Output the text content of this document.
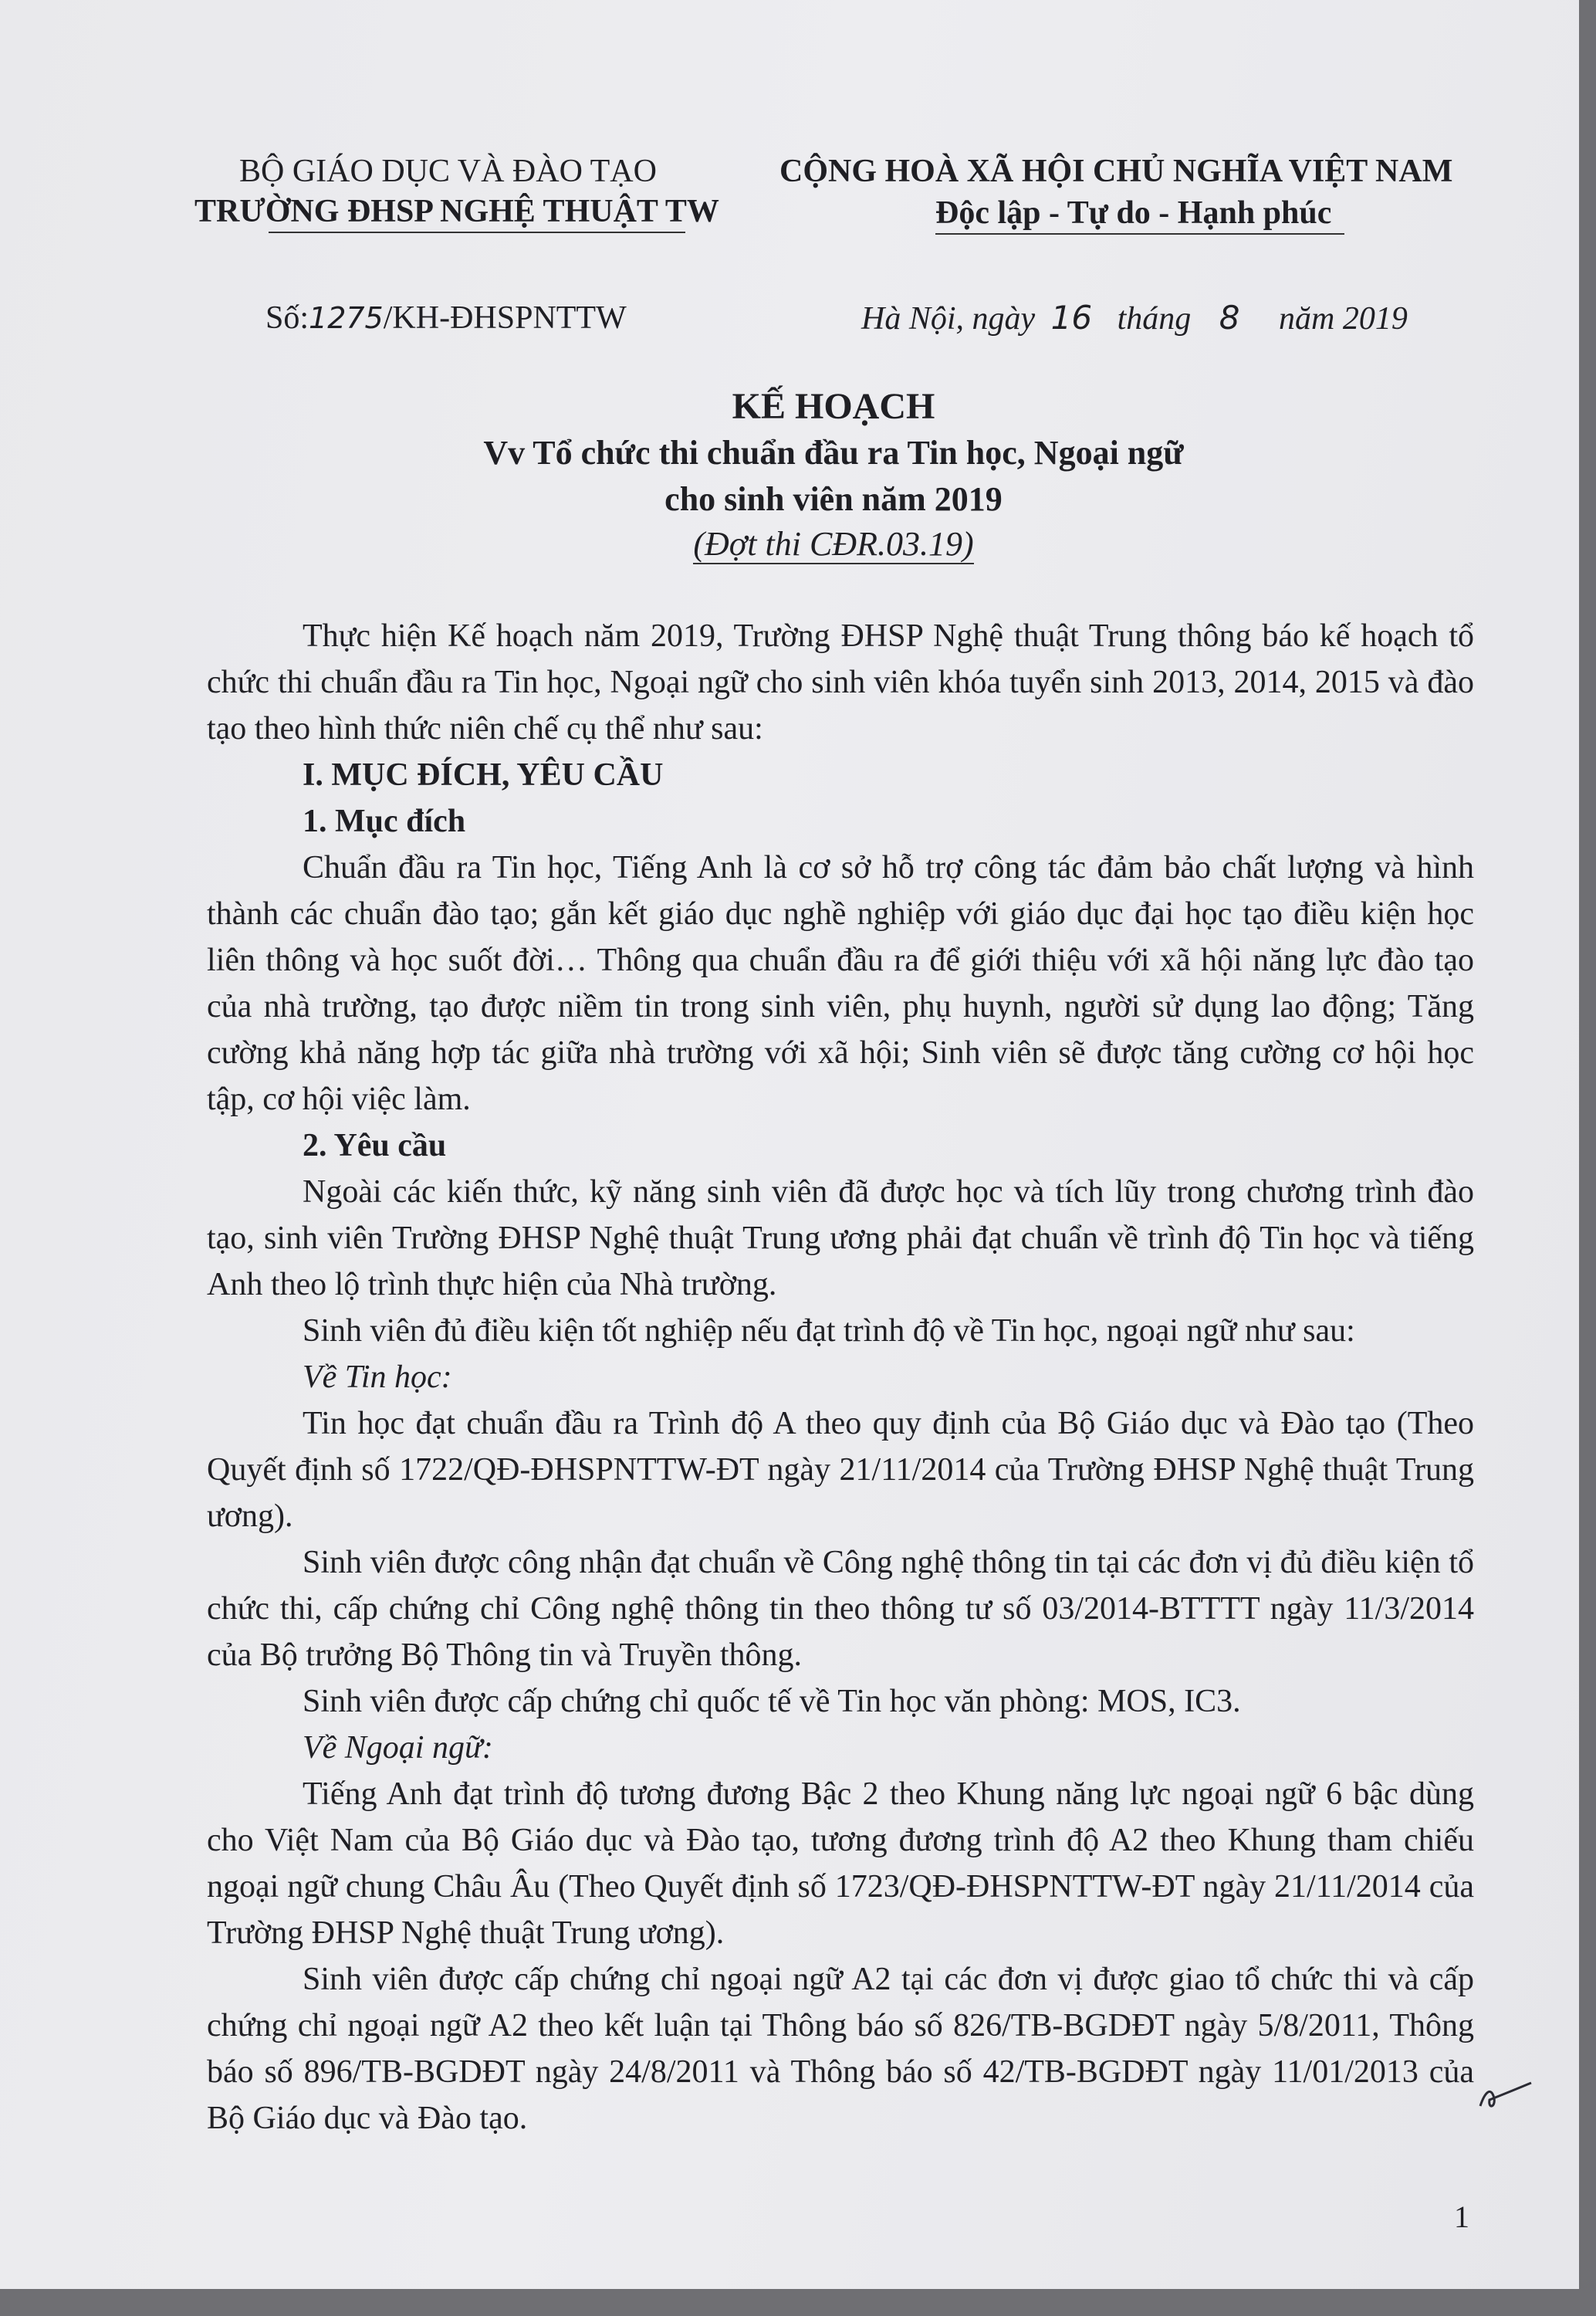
BỘ GIÁO DỤC VÀ ĐÀO TẠO
TRƯỜNG ĐHSP NGHỆ THUẬT TW
CỘNG HOÀ XÃ HỘI CHỦ NGHĨA VIỆT NAM
Độc lập - Tự do - Hạnh phúc
Số:1275/KH-ĐHSPNTTW	Hà Nội, ngày 16 tháng 8 năm 2019
KẾ HOẠCH
Vv Tổ chức thi chuẩn đầu ra Tin học, Ngoại ngữ
cho sinh viên năm 2019
(Đợt thi CĐR.03.19)

Thực hiện Kế hoạch năm 2019, Trường ĐHSP Nghệ thuật Trung thông báo kế hoạch tổ chức thi chuẩn đầu ra Tin học, Ngoại ngữ cho sinh viên khóa tuyển sinh 2013, 2014, 2015 và đào tạo theo hình thức niên chế cụ thể như sau:

I. MỤC ĐÍCH, YÊU CẦU

1. Mục đích

Chuẩn đầu ra Tin học, Tiếng Anh là cơ sở hỗ trợ công tác đảm bảo chất lượng và hình thành các chuẩn đào tạo; gắn kết giáo dục nghề nghiệp với giáo dục đại học tạo điều kiện học liên thông và học suốt đời… Thông qua chuẩn đầu ra để giới thiệu với xã hội năng lực đào tạo của nhà trường, tạo được niềm tin trong sinh viên, phụ huynh, người sử dụng lao động; Tăng cường khả năng hợp tác giữa nhà trường với xã hội; Sinh viên sẽ được tăng cường cơ hội học tập, cơ hội việc làm.

2. Yêu cầu

Ngoài các kiến thức, kỹ năng sinh viên đã được học và tích lũy trong chương trình đào tạo, sinh viên Trường ĐHSP Nghệ thuật Trung ương phải đạt chuẩn về trình độ Tin học và tiếng Anh theo lộ trình thực hiện của Nhà trường.

Sinh viên đủ điều kiện tốt nghiệp nếu đạt trình độ về Tin học, ngoại ngữ như sau:

Về Tin học:

Tin học đạt chuẩn đầu ra Trình độ A theo quy định của Bộ Giáo dục và Đào tạo (Theo Quyết định số 1722/QĐ-ĐHSPNTTW-ĐT ngày 21/11/2014 của Trường ĐHSP Nghệ thuật Trung ương).

Sinh viên được công nhận đạt chuẩn về Công nghệ thông tin tại các đơn vị đủ điều kiện tổ chức thi, cấp chứng chỉ Công nghệ thông tin theo thông tư số 03/2014-BTTTT ngày 11/3/2014 của Bộ trưởng Bộ Thông tin và Truyền thông.

Sinh viên được cấp chứng chỉ quốc tế về Tin học văn phòng: MOS, IC3.

Về Ngoại ngữ:

Tiếng Anh đạt trình độ tương đương Bậc 2 theo Khung năng lực ngoại ngữ 6 bậc dùng cho Việt Nam của Bộ Giáo dục và Đào tạo, tương đương trình độ A2 theo Khung tham chiếu ngoại ngữ chung Châu Âu (Theo Quyết định số 1723/QĐ-ĐHSPNTTW-ĐT ngày 21/11/2014 của Trường ĐHSP Nghệ thuật Trung ương).

Sinh viên được cấp chứng chỉ ngoại ngữ A2 tại các đơn vị được giao tổ chức thi và cấp chứng chỉ ngoại ngữ A2 theo kết luận tại Thông báo số 826/TB-BGDĐT ngày 5/8/2011, Thông báo số 896/TB-BGDĐT ngày 24/8/2011 và Thông báo số 42/TB-BGDĐT ngày 11/01/2013 của Bộ Giáo dục và Đào tạo.

1
